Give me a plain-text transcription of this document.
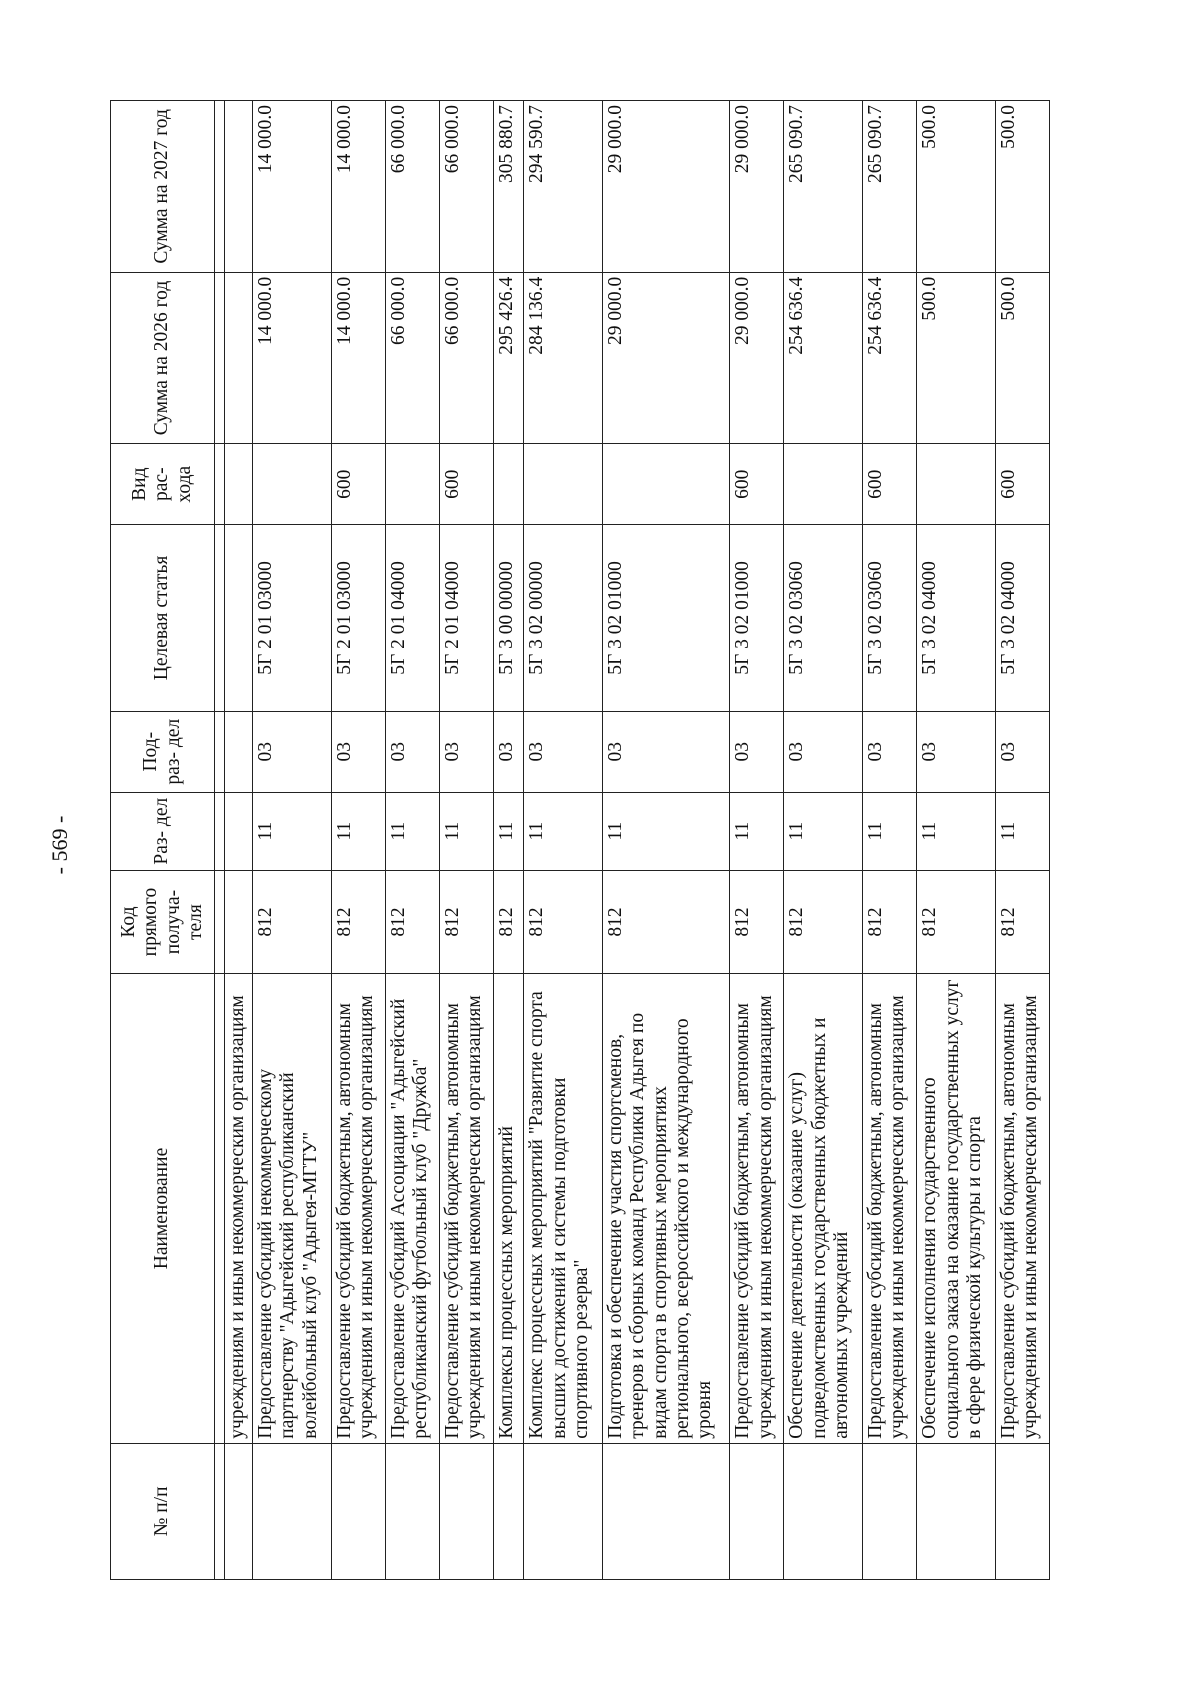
- 569 -
№ п/п	Наименование	Код прямого получа- теля	Раз- дел	Под- раз- дел	Целевая статья	Вид рас- хода	Сумма на 2026 год	Сумма на 2027 год

	учреждениям и иным некоммерческим организациям							
	Предоставление субсидий некоммерческому партнерству "Адыгейский республиканский волейбольный клуб "Адыгея-МГТУ"	812	11	03	5Г 2 01 03000		14 000.0	14 000.0
	Предоставление субсидий бюджетным, автономным учреждениям и иным некоммерческим организациям	812	11	03	5Г 2 01 03000	600	14 000.0	14 000.0
	Предоставление субсидий Ассоциации "Адыгейский республиканский футбольный клуб "Дружба"	812	11	03	5Г 2 01 04000		66 000.0	66 000.0
	Предоставление субсидий бюджетным, автономным учреждениям и иным некоммерческим организациям	812	11	03	5Г 2 01 04000	600	66 000.0	66 000.0
	Комплексы процессных мероприятий	812	11	03	5Г 3 00 00000		295 426.4	305 880.7
	Комплекс процессных мероприятий "Развитие спорта высших достижений и системы подготовки спортивного резерва"	812	11	03	5Г 3 02 00000		284 136.4	294 590.7
	Подготовка и обеспечение участия спортсменов, тренеров и сборных команд Республики Адыгея по видам спорта в спортивных мероприятиях регионального, всероссийского и международного уровня	812	11	03	5Г 3 02 01000		29 000.0	29 000.0
	Предоставление субсидий бюджетным, автономным учреждениям и иным некоммерческим организациям	812	11	03	5Г 3 02 01000	600	29 000.0	29 000.0
	Обеспечение деятельности (оказание услуг) подведомственных государственных бюджетных и автономных учреждений	812	11	03	5Г 3 02 03060		254 636.4	265 090.7
	Предоставление субсидий бюджетным, автономным учреждениям и иным некоммерческим организациям	812	11	03	5Г 3 02 03060	600	254 636.4	265 090.7
	Обеспечение исполнения государственного социального заказа на оказание государственных услуг в сфере физической культуры и спорта	812	11	03	5Г 3 02 04000		500.0	500.0
	Предоставление субсидий бюджетным, автономным учреждениям и иным некоммерческим организациям	812	11	03	5Г 3 02 04000	600	500.0	500.0
